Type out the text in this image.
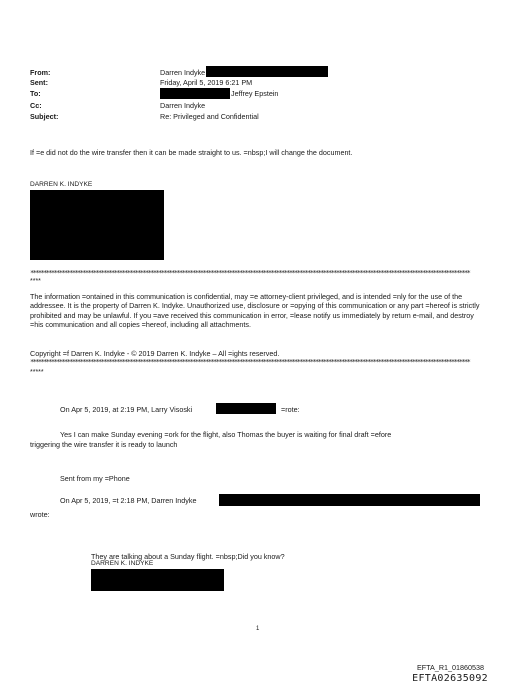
From:
Sent:
To:
Cc:
Subject:
Darren Indyke
Friday, April 5, 2019 6:21 PM
Jeffrey Epstein
Darren Indyke
Re: Privileged and Confidential
If =e did not do the wire transfer then it can be made straight to us. =nbsp;I will change the document.
DARREN K. INDYKE
************************************************************************************************************************************************************************
****
The information =ontained in this communication is confidential, may =e attorney-client privileged, and is intended =nly for the use of the addressee. It is the property of Darren K. Indyke. Unauthorized use, disclosure or =opying of this communication or any part =hereof is strictly prohibited and may be unlawful. If you =ave received this communication in error, =lease notify us immediately by return e-mail, and destroy =his communication and all copies =hereof, including all attachments.
Copyright =f Darren K. Indyke - © 2019 Darren K. Indyke – All =ights reserved.
************************************************************************************************************************************************************************
*****
On Apr 5, 2019, at 2:19 PM, Larry Visoski	=rote:
Yes I can make Sunday evening =ork for the flight, also Thomas the buyer is waiting for final draft =efore
triggering the wire transfer it is ready to launch
Sent from my =Phone
On Apr 5, 2019, =t 2:18 PM, Darren Indyke
wrote:
They are talking about a Sunday flight. =nbsp;Did you know?
DARREN K. INDYKE
1
EFTA_R1_01860538
EFTA02635092
